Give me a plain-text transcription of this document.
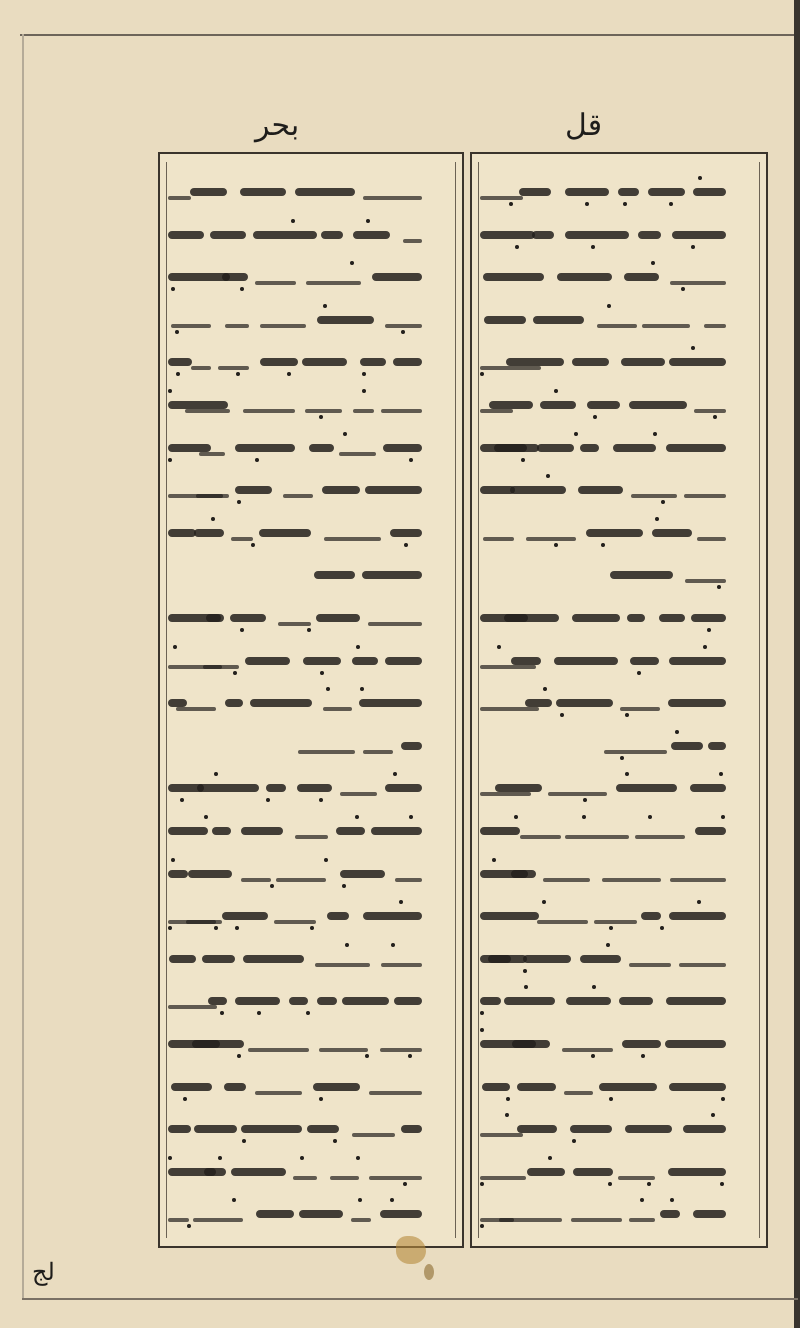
بحر	قل
لج
